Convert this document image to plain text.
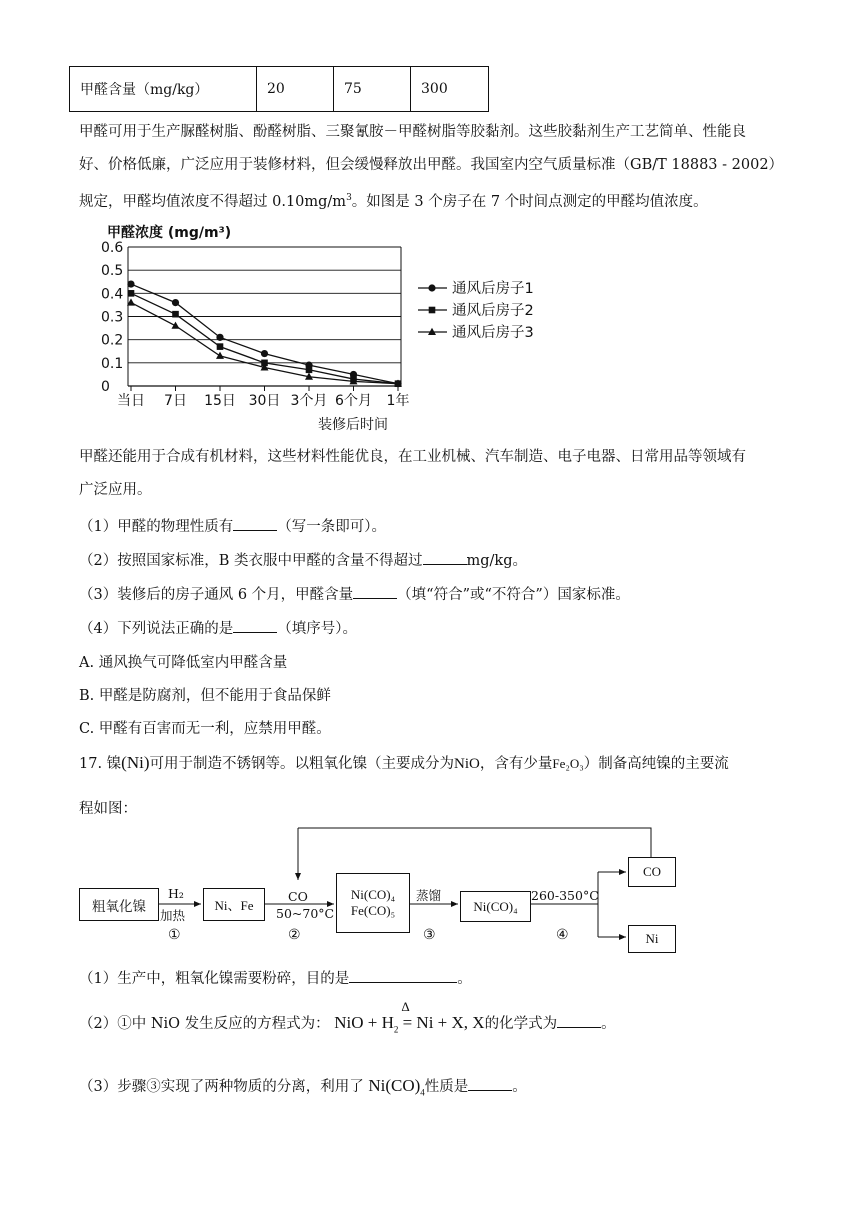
甲醛含量（mg/kg）	20	75	300
甲醛可用于生产脲醛树脂、酚醛树脂、三聚氰胺－甲醛树脂等胶黏剂。这些胶黏剂生产工艺简单、性能良
好、价格低廉，广泛应用于装修材料，但会缓慢释放出甲醛。我国室内空气质量标准（GB/T 18883 - 2002）
规定，甲醛均值浓度不得超过 $0.10mg/m^3$。如图是 3 个房子在 7 个时间点测定的甲醛均值浓度。
0.6
0.5
0.4
0.3
0.2
0.1
0
甲醛浓度 (mg/m³)
当日 7日 15日 30日 3个月 6个月 1年
装修后时间
通风后房子1
通风后房子2
通风后房子3
甲醛还能用于合成有机材料，这些材料性能优良，在工业机械、汽车制造、电子电器、日常用品等领域有
广泛应用。
（1）甲醛的物理性质有	（写一条即可）。
（2）按照国家标准，B 类衣服中甲醛的含量不得超过	mg/kg。
（3）装修后的房子通风 6 个月，甲醛含量	（填“符合”或“不符合”）国家标准。
（4）下列说法正确的是	（填序号）。
A. 通风换气可降低室内甲醛含量
B. 甲醛是防腐剂，但不能用于食品保鲜
C. 甲醛有百害而无一利，应禁用甲醛。
17. 镍(Ni)可用于制造不锈钢等。以粗氧化镍（主要成分为NiO，含有少量Fe₂O₃）制备高纯镍的主要流
程如图：
粗氧化镍	Ni、Fe
Ni(CO)₄
Fe(CO)₅	Ni(CO)₄
CO
Ni
H₂
加热
CO
50~70°C
蒸馏	260-350°C
①	②	③	④
（1）生产中，粗氧化镍需要粉碎，目的是	。
（2）①中 NiO 发生反应的方程式为： NiO + $H_2$
Δ
= Ni + X, X的化学式为	。
（3）步骤③实现了两种物质的分离，利用了 $Ni(CO)_4$性质是	。
